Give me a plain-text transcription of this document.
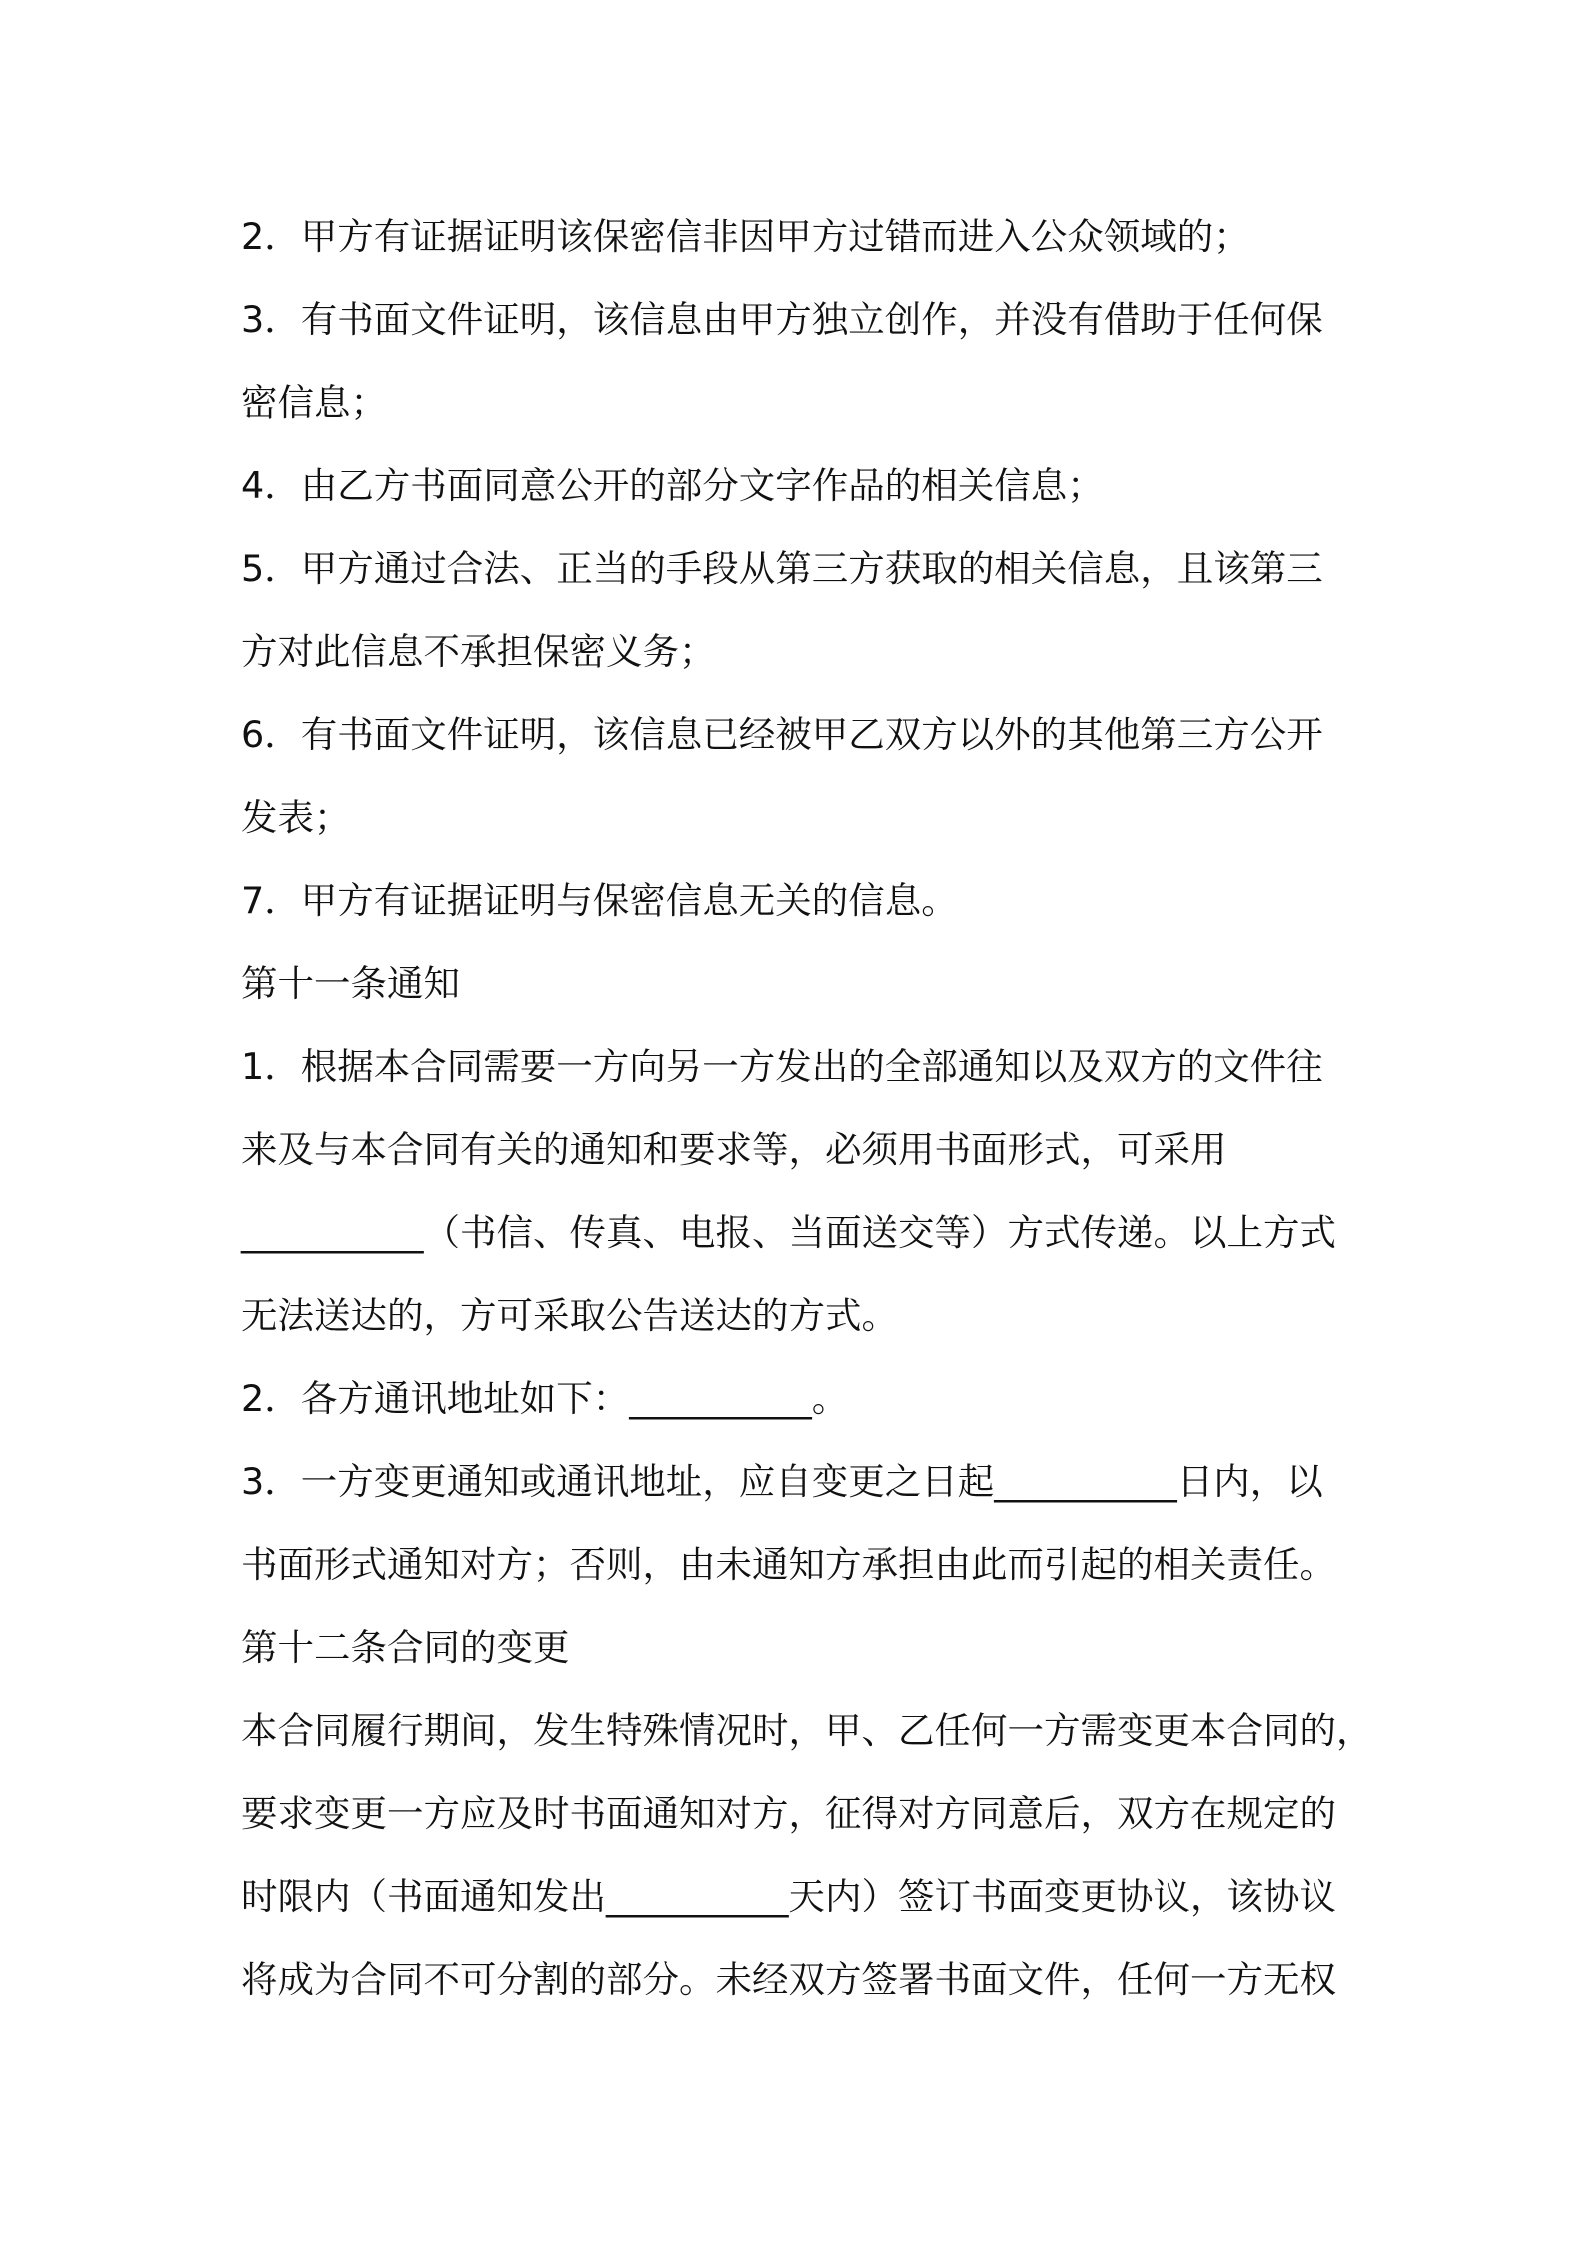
2．甲方有证据证明该保密信非因甲方过错而进入公众领域的；
3．有书面文件证明，该信息由甲方独立创作，并没有借助于任何保
密信息；
4．由乙方书面同意公开的部分文字作品的相关信息；
5．甲方通过合法、正当的手段从第三方获取的相关信息，且该第三
方对此信息不承担保密义务；
6．有书面文件证明，该信息已经被甲乙双方以外的其他第三方公开
发表；
7．甲方有证据证明与保密信息无关的信息。
第十一条通知
1．根据本合同需要一方向另一方发出的全部通知以及双方的文件往
来及与本合同有关的通知和要求等，必须用书面形式，可采用
__________（书信、传真、电报、当面送交等）方式传递。以上方式
无法送达的，方可采取公告送达的方式。
2．各方通讯地址如下：__________。
3．一方变更通知或通讯地址，应自变更之日起__________日内，以
书面形式通知对方；否则，由未通知方承担由此而引起的相关责任。
第十二条合同的变更
本合同履行期间，发生特殊情况时，甲、乙任何一方需变更本合同的，
要求变更一方应及时书面通知对方，征得对方同意后，双方在规定的
时限内（书面通知发出__________天内）签订书面变更协议，该协议
将成为合同不可分割的部分。未经双方签署书面文件，任何一方无权
